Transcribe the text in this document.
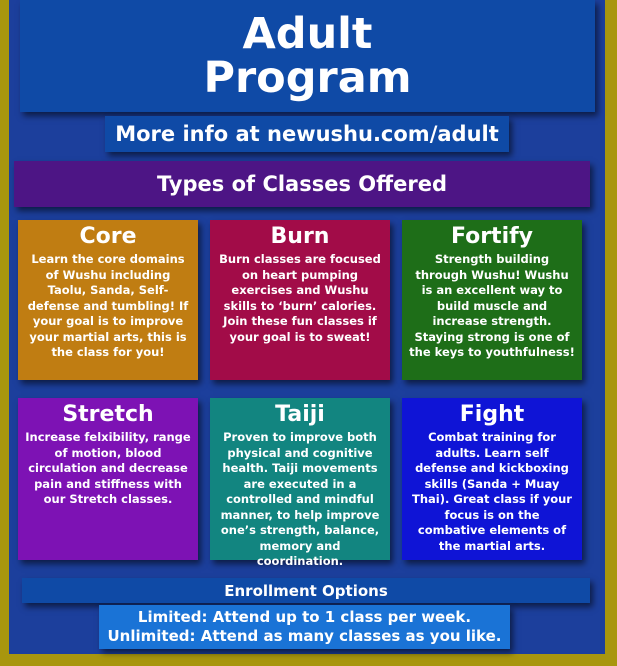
Adult
Program
More info at newushu.com/adult
Types of Classes Offered
Core
Learn the core domains of Wushu including Taolu, Sanda, Self-defense and tumbling! If your goal is to improve your martial arts, this is the class for you!
Burn
Burn classes are focused on heart pumping exercises and Wushu skills to ‘burn’ calories. Join these fun classes if your goal is to sweat!
Fortify
Strength building through Wushu! Wushu is an excellent way to build muscle and increase strength. Staying strong is one of the keys to youthfulness!
Stretch
Increase felxibility, range of motion, blood circulation and decrease pain and stiffness with our Stretch classes.
Taiji
Proven to improve both physical and cognitive health. Taiji movements are executed in a controlled and mindful manner, to help improve one’s strength, balance, memory and coordination.
Fight
Combat training for adults. Learn self defense and kickboxing skills (Sanda + Muay Thai). Great class if your focus is on the combative elements of the martial arts.
Enrollment Options
Limited: Attend up to 1 class per week.
Unlimited: Attend as many classes as you like.
